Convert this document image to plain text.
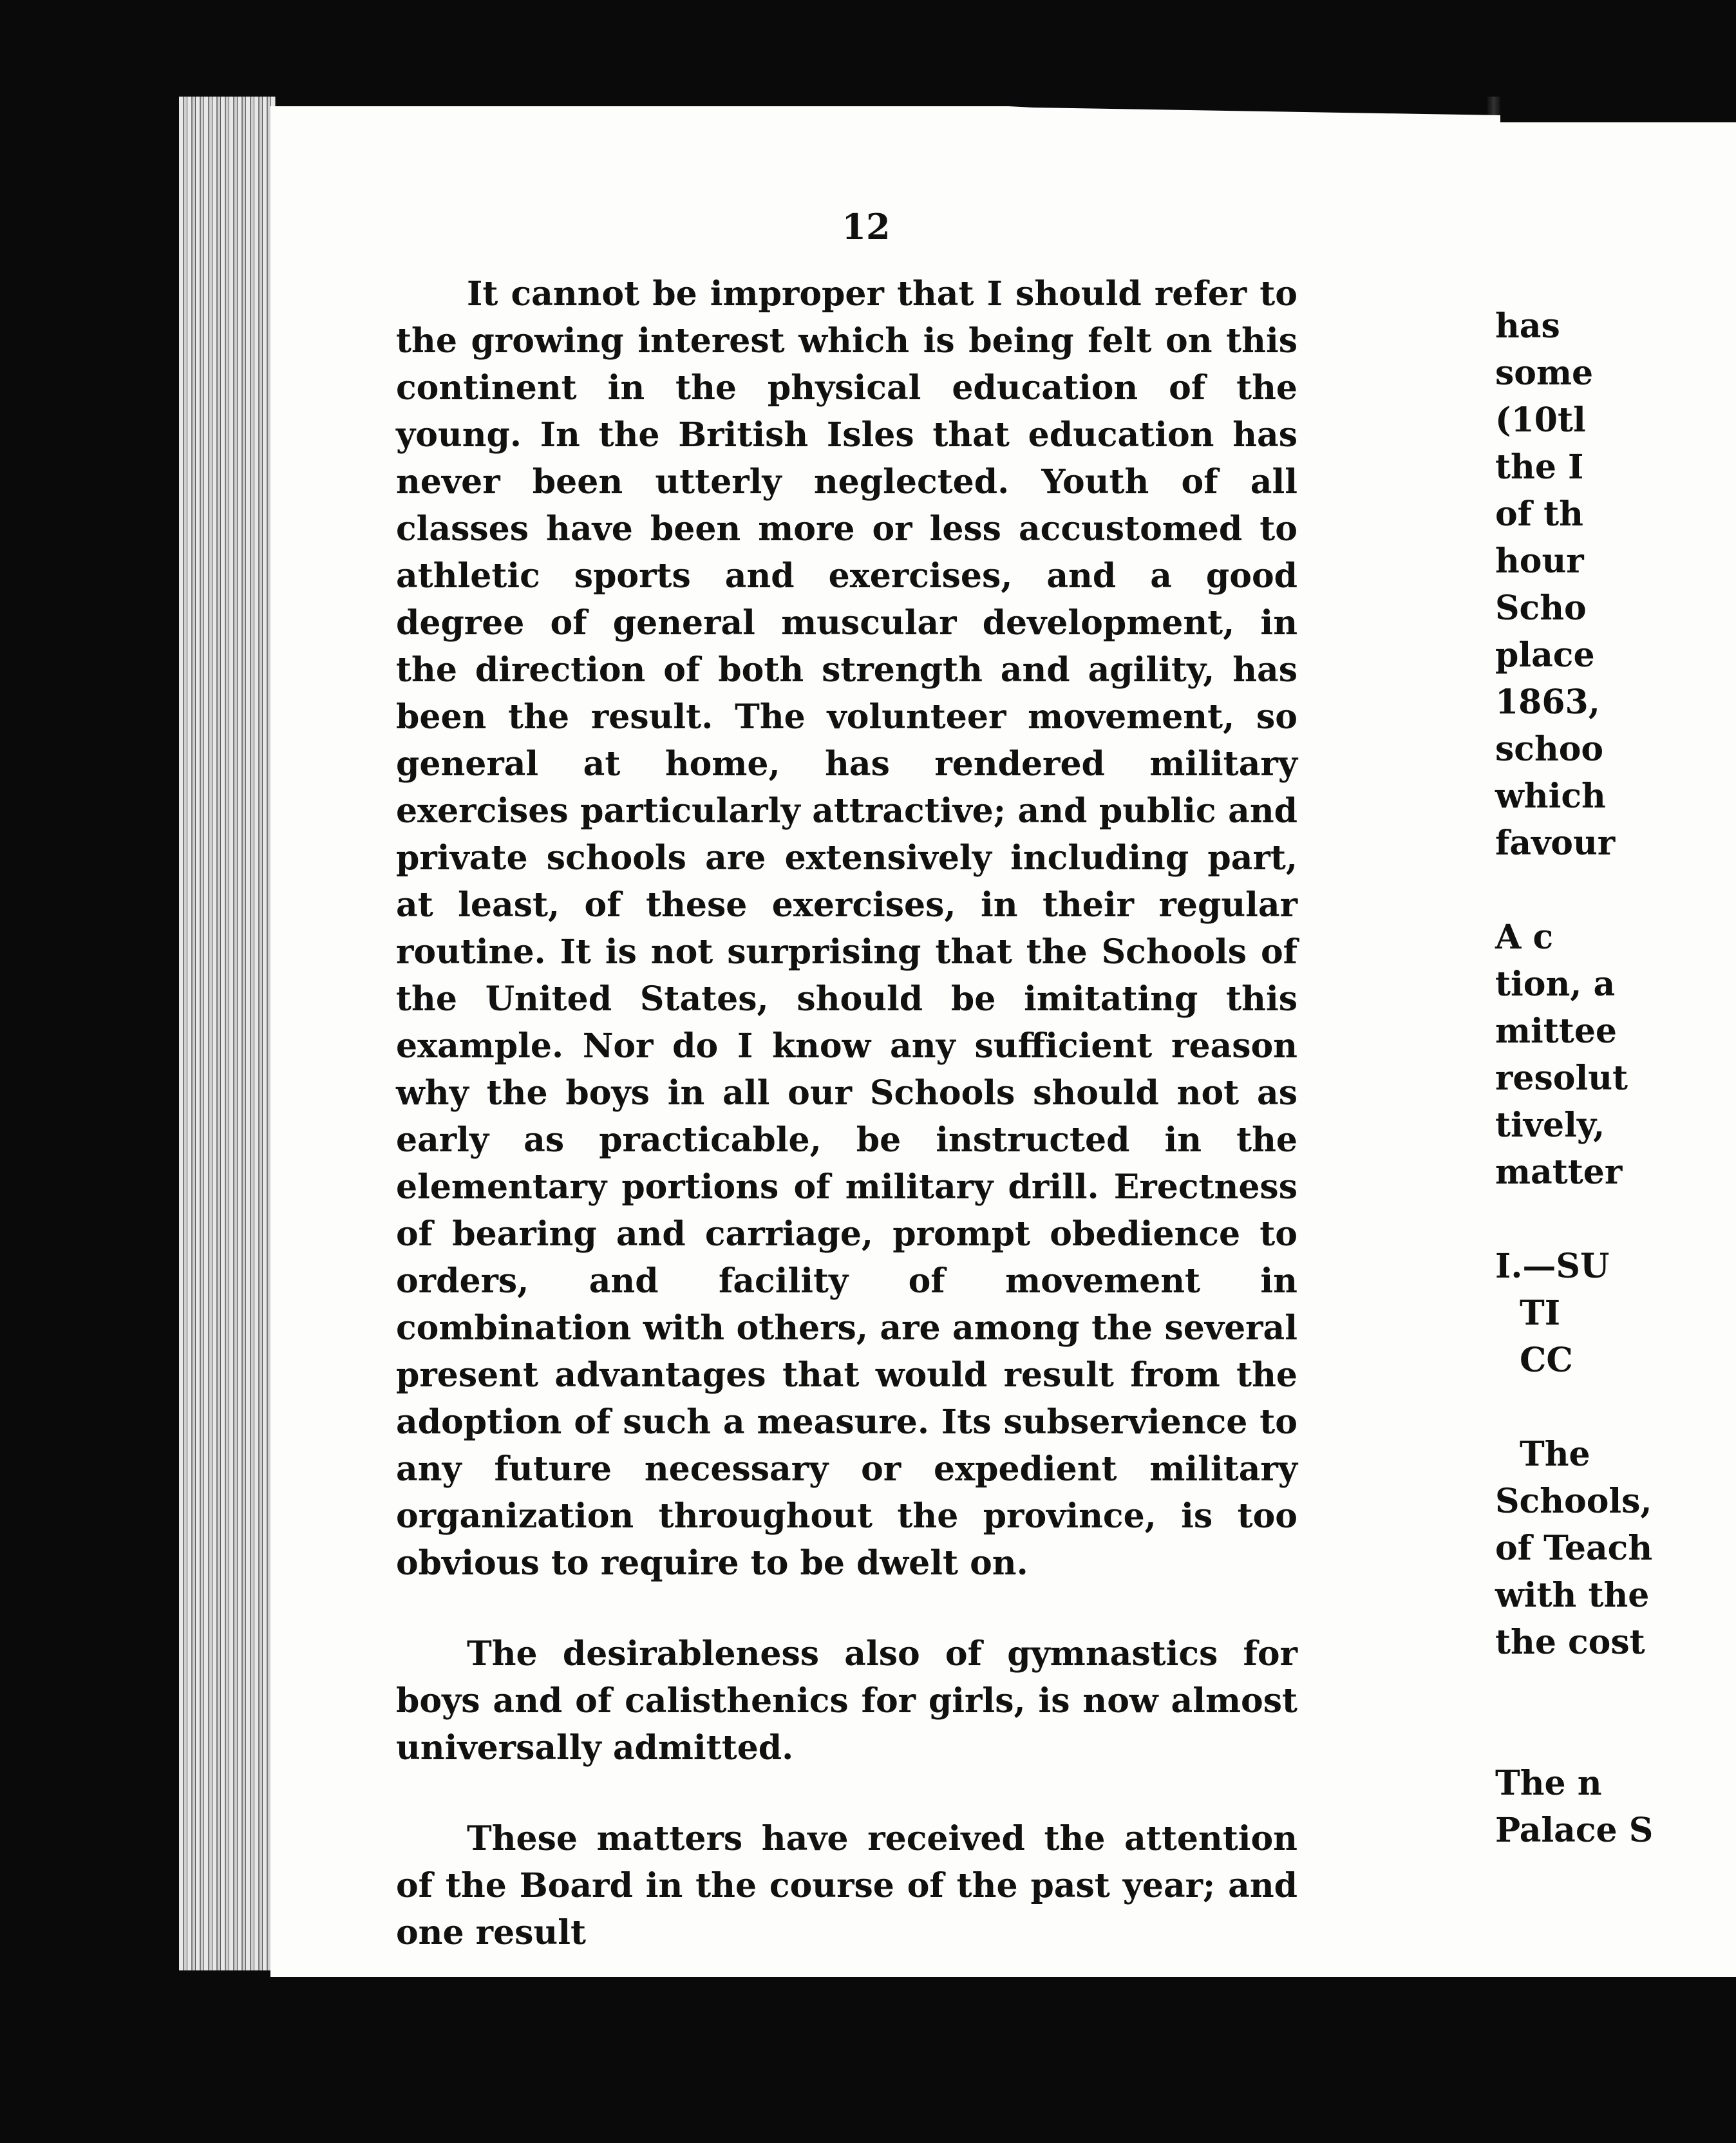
12

It cannot be improper that I should refer to the growing interest which is being felt on this continent in the physical education of the young. In the British Isles that education has never been utterly neglected. Youth of all classes have been more or less accustomed to athletic sports and exercises, and a good degree of general muscular development, in the direction of both strength and agility, has been the result. The volunteer movement, so general at home, has rendered military exercises particularly attractive; and public and private schools are extensively including part, at least, of these exercises, in their regular routine. It is not surprising that the Schools of the United States, should be imitating this example. Nor do I know any sufficient reason why the boys in all our Schools should not as early as practicable, be instructed in the elementary portions of military drill. Erectness of bearing and carriage, prompt obedience to orders, and facility of movement in combination with others, are among the several present advantages that would result from the adoption of such a measure. Its subservience to any future necessary or expedient military organization throughout the province, is too obvious to require to be dwelt on.

The desirableness also of gymnastics for boys and of calisthenics for girls, is now almost universally admitted.

These matters have received the attention of the Board in the course of the past year; and one result

has

some

(10tl

the I

of th

hour

Scho

place

1863,

schoo

which

favour

A c

tion, a

mittee

resolut

tively,

matter

I.—SU

TI

CC

The

Schools,

of Teach

with the

the cost

The n

Palace S
